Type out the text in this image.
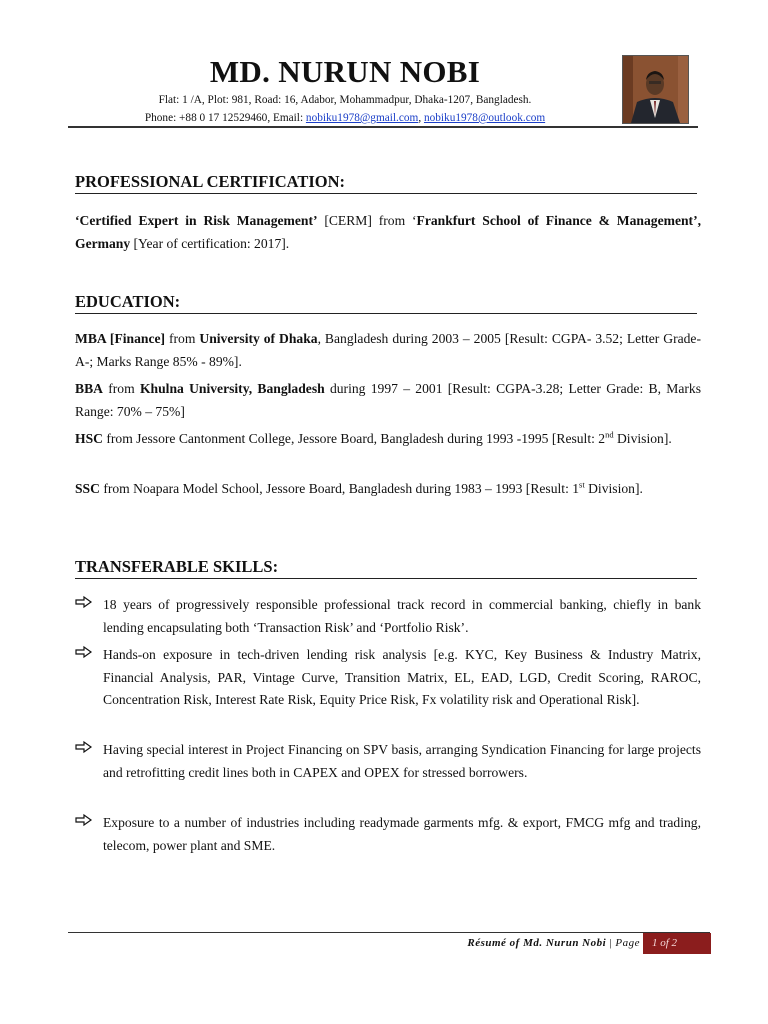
MD. NURUN NOBI
Flat: 1 /A, Plot: 981, Road: 16, Adabor, Mohammadpur, Dhaka-1207, Bangladesh.
Phone: +88 0 17 12529460, Email: nobiku1978@gmail.com, nobiku1978@outlook.com
PROFESSIONAL CERTIFICATION:
‘Certified Expert in Risk Management’ [CERM] from ‘Frankfurt School of Finance & Management’, Germany [Year of certification: 2017].
EDUCATION:
MBA [Finance] from University of Dhaka, Bangladesh during 2003 – 2005 [Result: CGPA- 3.52; Letter Grade- A-; Marks Range 85% - 89%].
BBA from Khulna University, Bangladesh during 1997 – 2001 [Result: CGPA-3.28; Letter Grade: B, Marks Range: 70% – 75%]
HSC from Jessore Cantonment College, Jessore Board, Bangladesh during 1993 -1995 [Result: 2nd Division].
SSC from Noapara Model School, Jessore Board, Bangladesh during 1983 – 1993 [Result: 1st Division].
TRANSFERABLE SKILLS:
18 years of progressively responsible professional track record in commercial banking, chiefly in bank lending encapsulating both ‘Transaction Risk’ and ‘Portfolio Risk’.
Hands-on exposure in tech-driven lending risk analysis [e.g. KYC, Key Business & Industry Matrix, Financial Analysis, PAR, Vintage Curve, Transition Matrix, EL, EAD, LGD, Credit Scoring, RAROC, Concentration Risk, Interest Rate Risk, Equity Price Risk, Fx volatility risk and Operational Risk].
Having special interest in Project Financing on SPV basis, arranging Syndication Financing for large projects and retrofitting credit lines both in CAPEX and OPEX for stressed borrowers.
Exposure to a number of industries including readymade garments mfg. & export, FMCG mfg and trading, telecom, power plant and SME.
Résumé of Md. Nurun Nobi | Page	1 of 2
